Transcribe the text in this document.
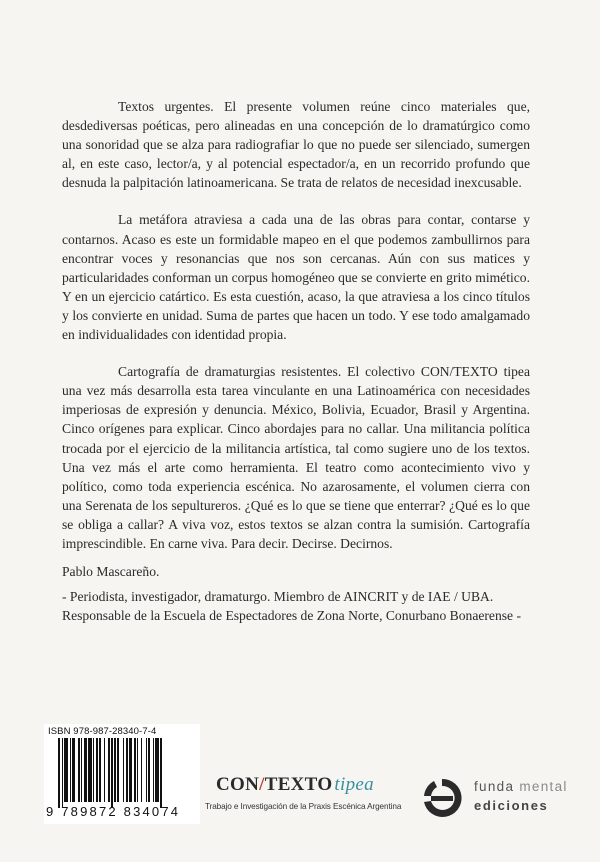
Textos urgentes. El presente volumen reúne cinco materiales que, desdediversas poéticas, pero alineadas en una concepción de lo dramatúrgico como una sonoridad que se alza para radiografiar lo que no puede ser silenciado, sumergen al, en este caso, lector/a, y al potencial espectador/a, en un recorrido profundo que desnuda la palpitación latinoamericana. Se trata de relatos de necesidad inexcusable.

La metáfora atraviesa a cada una de las obras para contar, contarse y contarnos. Acaso es este un formidable mapeo en el que podemos zambullirnos para encontrar voces y resonancias que nos son cercanas. Aún con sus matices y particularidades conforman un corpus homogéneo que se convierte en grito mimético. Y en un ejercicio catártico. Es esta cuestión, acaso, la que atraviesa a los cinco títulos y los convierte en unidad. Suma de partes que hacen un todo. Y ese todo amalgamado en individualidades con identidad propia.

Cartografía de dramaturgias resistentes. El colectivo CON/TEXTO tipea una vez más desarrolla esta tarea vinculante en una Latinoamérica con necesidades imperiosas de expresión y denuncia. México, Bolivia, Ecuador, Brasil y Argentina. Cinco orígenes para explicar. Cinco abordajes para no callar. Una militancia política trocada por el ejercicio de la militancia artística, tal como sugiere uno de los textos. Una vez más el arte como herramienta. El teatro como acontecimiento vivo y político, como toda experiencia escénica. No azarosamente, el volumen cierra con una Serenata de los sepultureros. ¿Qué es lo que se tiene que enterrar? ¿Qué es lo que se obliga a callar? A viva voz, estos textos se alzan contra la sumisión. Cartografía imprescindible. En carne viva. Para decir. Decirse. Decirnos.

Pablo Mascareño.
- Periodista, investigador, dramaturgo. Miembro de AINCRIT y de IAE / UBA.
Responsable de la Escuela de Espectadores de Zona Norte, Conurbano Bonaerense -
ISBN 978-987-28340-7-4
9 789872 834074
CON/TEXTO tipea
Trabajo e Investigación de la Praxis Escénica Argentina
funda mental
ediciones
